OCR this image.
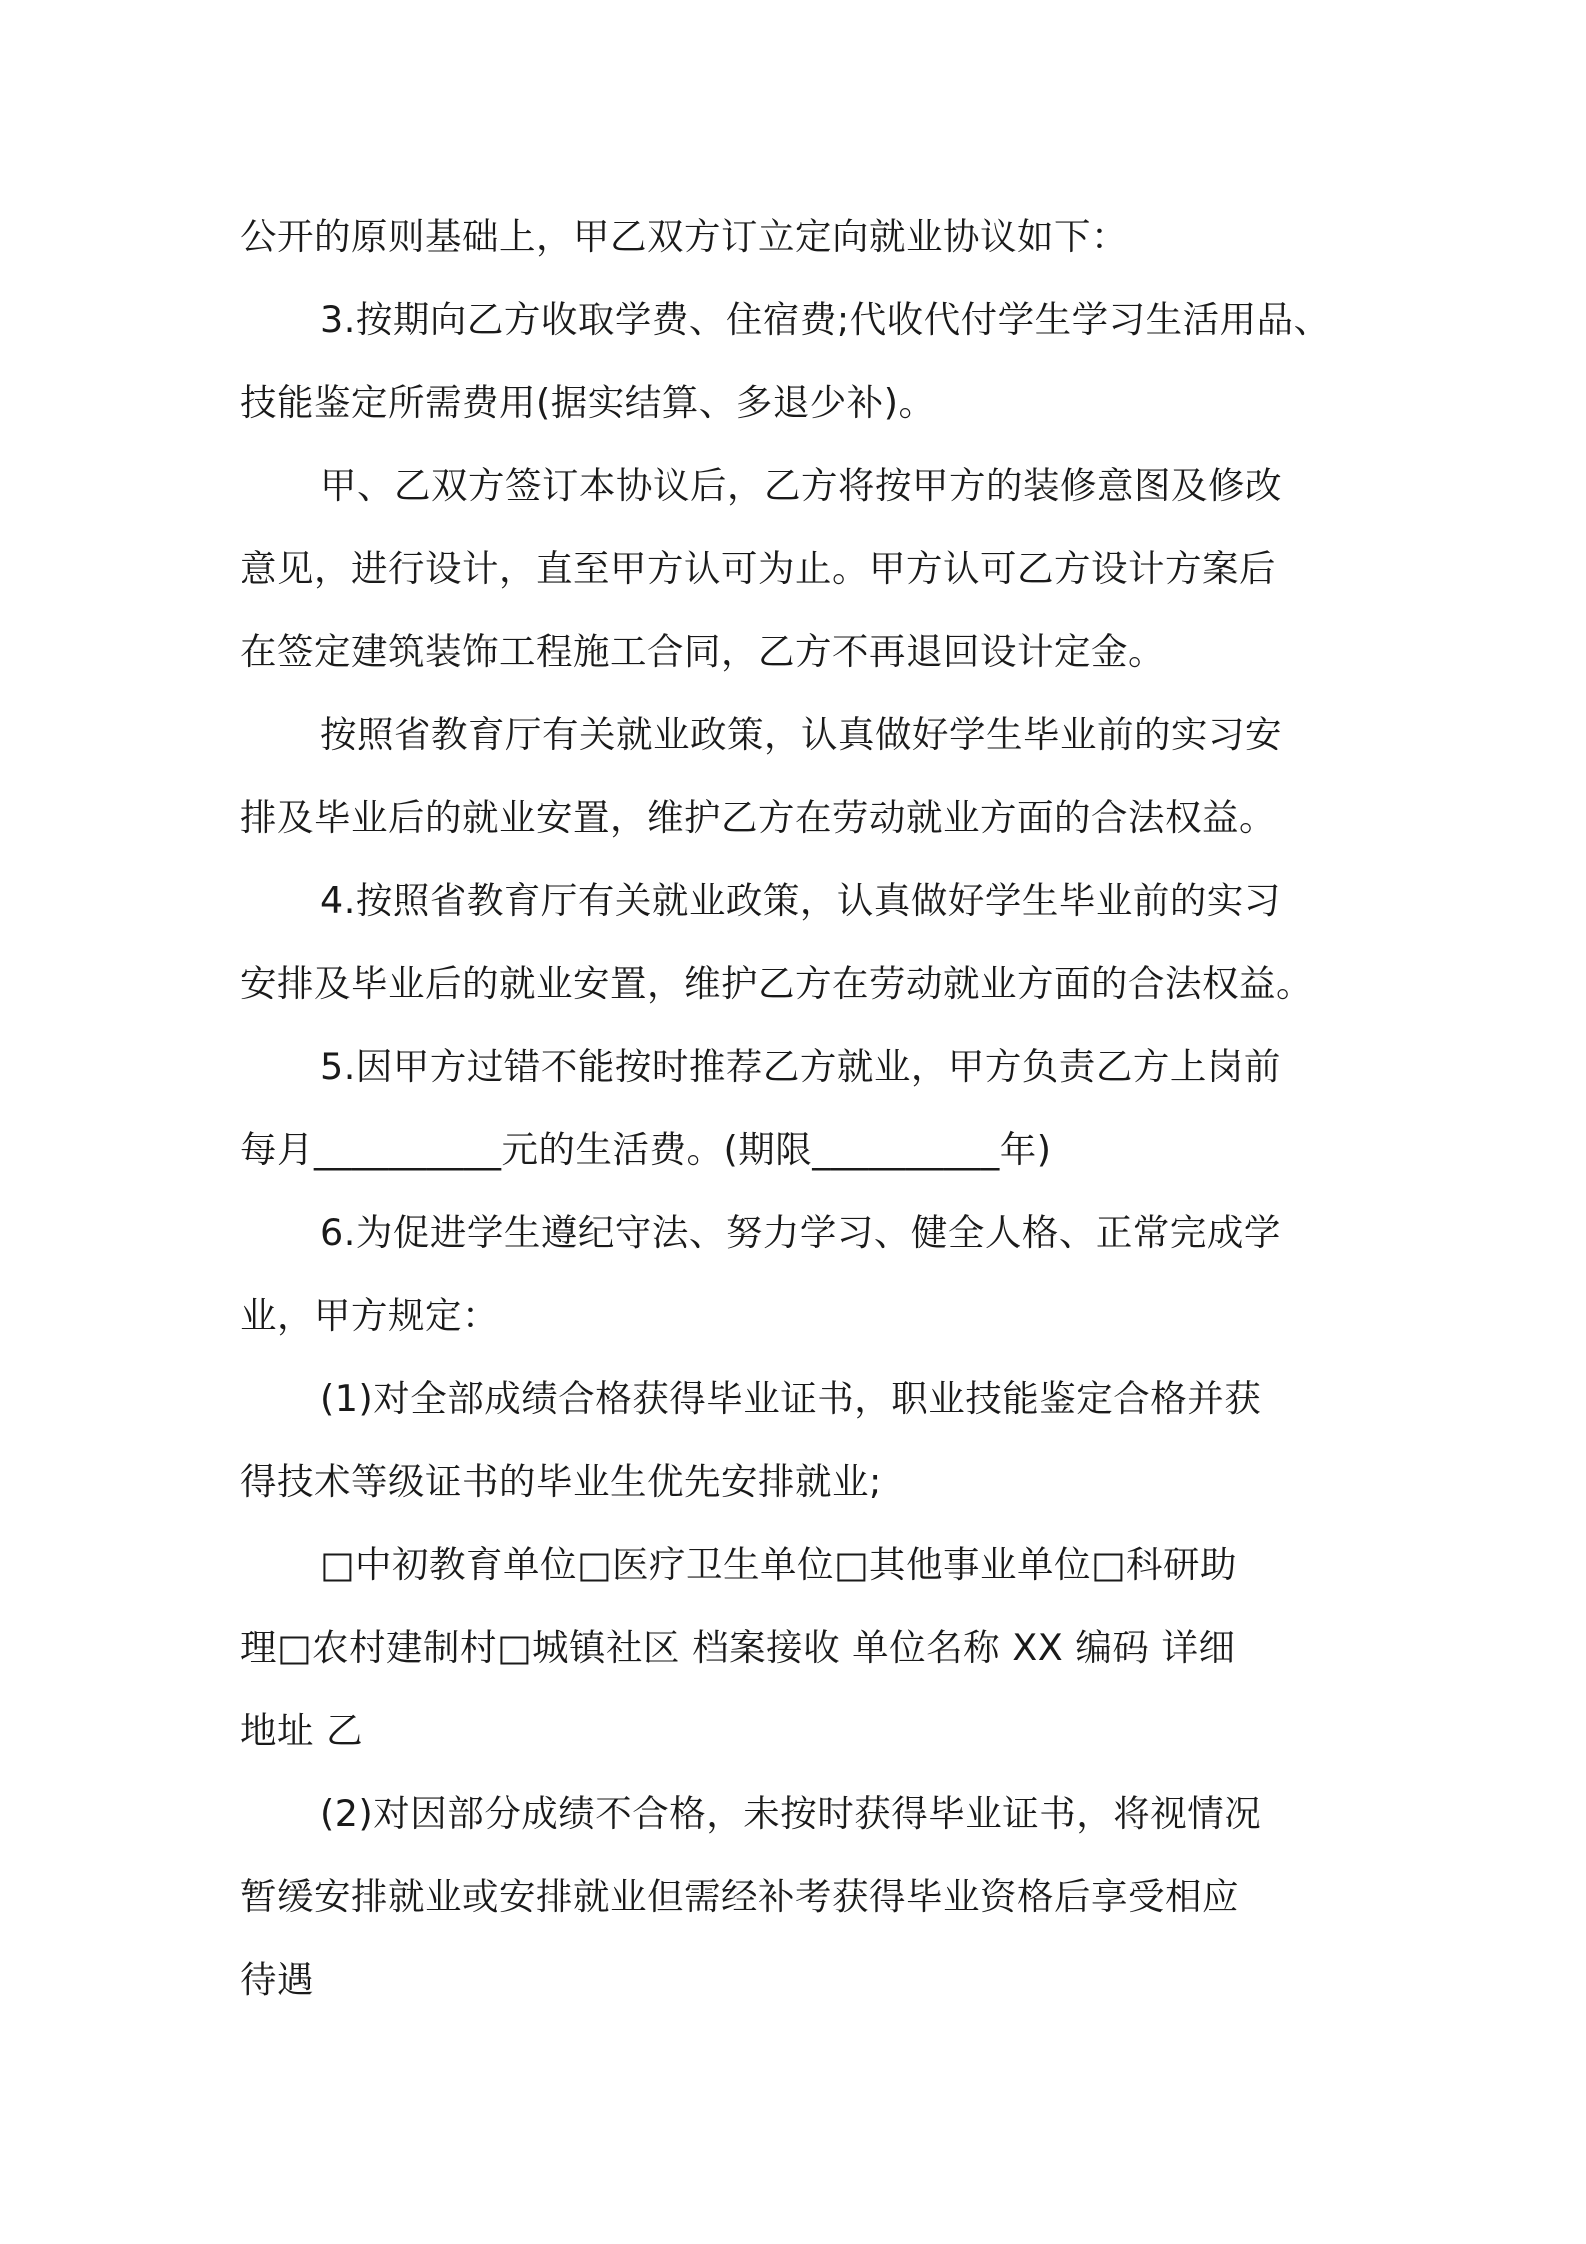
公开的原则基础上，甲乙双方订立定向就业协议如下：

3.按期向乙方收取学费、住宿费;代收代付学生学习生活用品、

技能鉴定所需费用(据实结算、多退少补)。

甲、乙双方签订本协议后，乙方将按甲方的装修意图及修改

意见，进行设计，直至甲方认可为止。甲方认可乙方设计方案后

在签定建筑装饰工程施工合同，乙方不再退回设计定金。

按照省教育厅有关就业政策，认真做好学生毕业前的实习安

排及毕业后的就业安置，维护乙方在劳动就业方面的合法权益。

4.按照省教育厅有关就业政策，认真做好学生毕业前的实习

安排及毕业后的就业安置，维护乙方在劳动就业方面的合法权益。

5.因甲方过错不能按时推荐乙方就业，甲方负责乙方上岗前

每月__________元的生活费。(期限__________年)

6.为促进学生遵纪守法、努力学习、健全人格、正常完成学

业，甲方规定：

(1)对全部成绩合格获得毕业证书，职业技能鉴定合格并获

得技术等级证书的毕业生优先安排就业;

□中初教育单位□医疗卫生单位□其他事业单位□科研助

理□农村建制村□城镇社区 档案接收 单位名称 XX 编码 详细

地址 乙

(2)对因部分成绩不合格，未按时获得毕业证书，将视情况

暂缓安排就业或安排就业但需经补考获得毕业资格后享受相应

待遇
